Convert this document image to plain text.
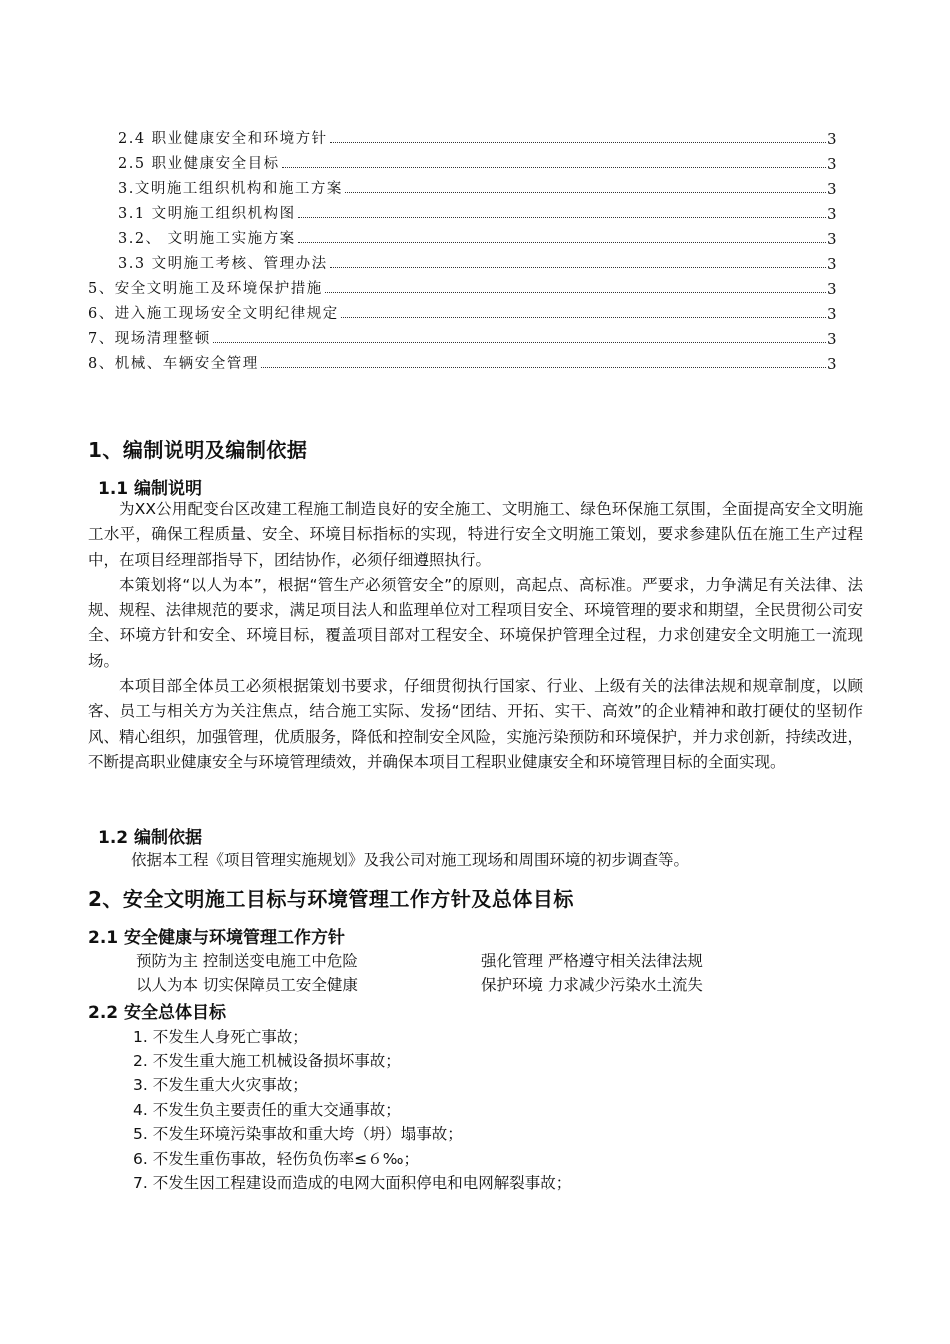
2.4 职业健康安全和环境方针	3
2.5 职业健康安全目标	3
3.文明施工组织机构和施工方案	3
3.1 文明施工组织机构图	3
3.2、 文明施工实施方案	3
3.3 文明施工考核、管理办法	3
5、安全文明施工及环境保护措施	3
6、进入施工现场安全文明纪律规定	3
7、现场清理整顿	3
8、机械、车辆安全管理	3
1、编制说明及编制依据
1.1 编制说明

为XX公用配变台区改建工程施工制造良好的安全施工、文明施工、绿色环保施工氛围，全面提高安全文明施工水平，确保工程质量、安全、环境目标指标的实现，特进行安全文明施工策划，要求参建队伍在施工生产过程中，在项目经理部指导下，团结协作，必须仔细遵照执行。

本策划将“以人为本”，根据“管生产必须管安全”的原则，高起点、高标准。严要求，力争满足有关法律、法规、规程、法律规范的要求，满足项目法人和监理单位对工程项目安全、环境管理的要求和期望，全民贯彻公司安全、环境方针和安全、环境目标，覆盖项目部对工程安全、环境保护管理全过程，力求创建安全文明施工一流现场。

本项目部全体员工必须根据策划书要求，仔细贯彻执行国家、行业、上级有关的法律法规和规章制度，以顾客、员工与相关方为关注焦点，结合施工实际、发扬“团结、开拓、实干、高效”的企业精神和敢打硬仗的坚韧作风、精心组织，加强管理，优质服务，降低和控制安全风险，实施污染预防和环境保护，并力求创新，持续改进，不断提高职业健康安全与环境管理绩效，并确保本项目工程职业健康安全和环境管理目标的全面实现。

1.2 编制依据
依据本工程《项目管理实施规划》及我公司对施工现场和周围环境的初步调查等。
2、安全文明施工目标与环境管理工作方针及总体目标
2.1 安全健康与环境管理工作方针
预防为主 控制送变电施工中危险	强化管理 严格遵守相关法律法规
以人为本 切实保障员工安全健康	保护环境 力求减少污染水土流失
2.2 安全总体目标
1. 不发生人身死亡事故；
2. 不发生重大施工机械设备损坏事故；
3. 不发生重大火灾事故；
4. 不发生负主要责任的重大交通事故；
5. 不发生环境污染事故和重大垮（坍）塌事故；
6. 不发生重伤事故，轻伤负伤率≤６‰；
7. 不发生因工程建设而造成的电网大面积停电和电网解裂事故；
